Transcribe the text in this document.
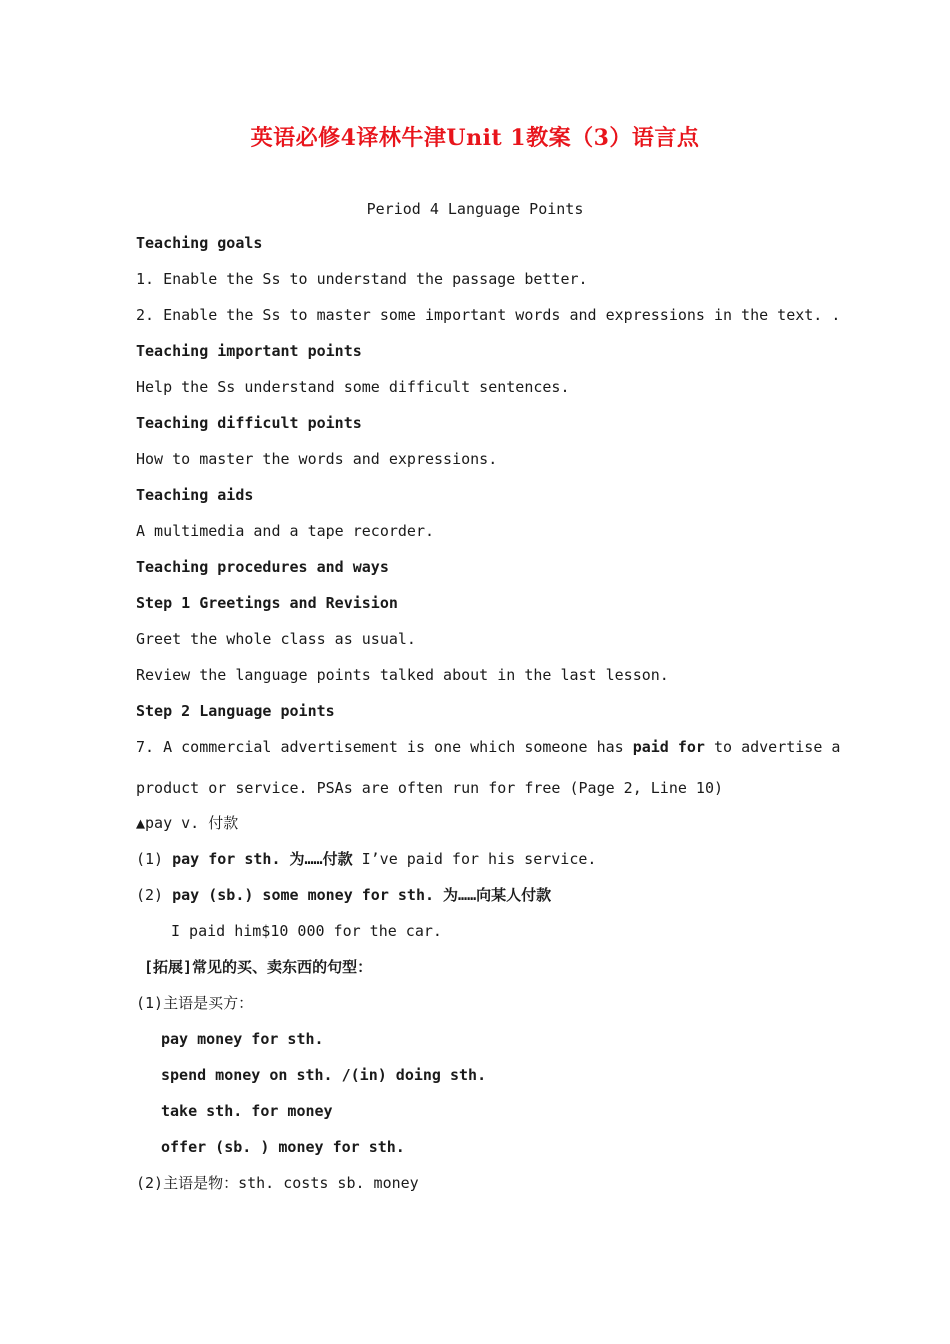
英语必修4译林牛津Unit 1教案（3）语言点
Period 4 Language Points
Teaching goals
1. Enable the Ss to understand the passage better.
2. Enable the Ss to master some important words and expressions in the text. .
Teaching important points
Help the Ss understand some difficult sentences.
Teaching difficult points
How to master the words and expressions.
Teaching aids
A multimedia and a tape recorder.
Teaching procedures and ways
Step 1 Greetings and Revision
Greet the whole class as usual.
Review the language points talked about in the last lesson.
Step 2 Language points
7. A commercial advertisement is one which someone has paid for to advertise a
product or service. PSAs are often run for free (Page 2, Line 10)
▲pay v. 付款
(1) pay for sth. 为……付款 I’ve paid for his service.
(2) pay (sb.) some money for sth. 为……向某人付款
I paid him$10 000 for the car.
[拓展]常见的买、卖东西的句型：
(1)主语是买方：
pay money for sth.
spend money on sth. /(in) doing sth.
take sth. for money
offer (sb. ) money for sth.
(2)主语是物：sth. costs sb. money
